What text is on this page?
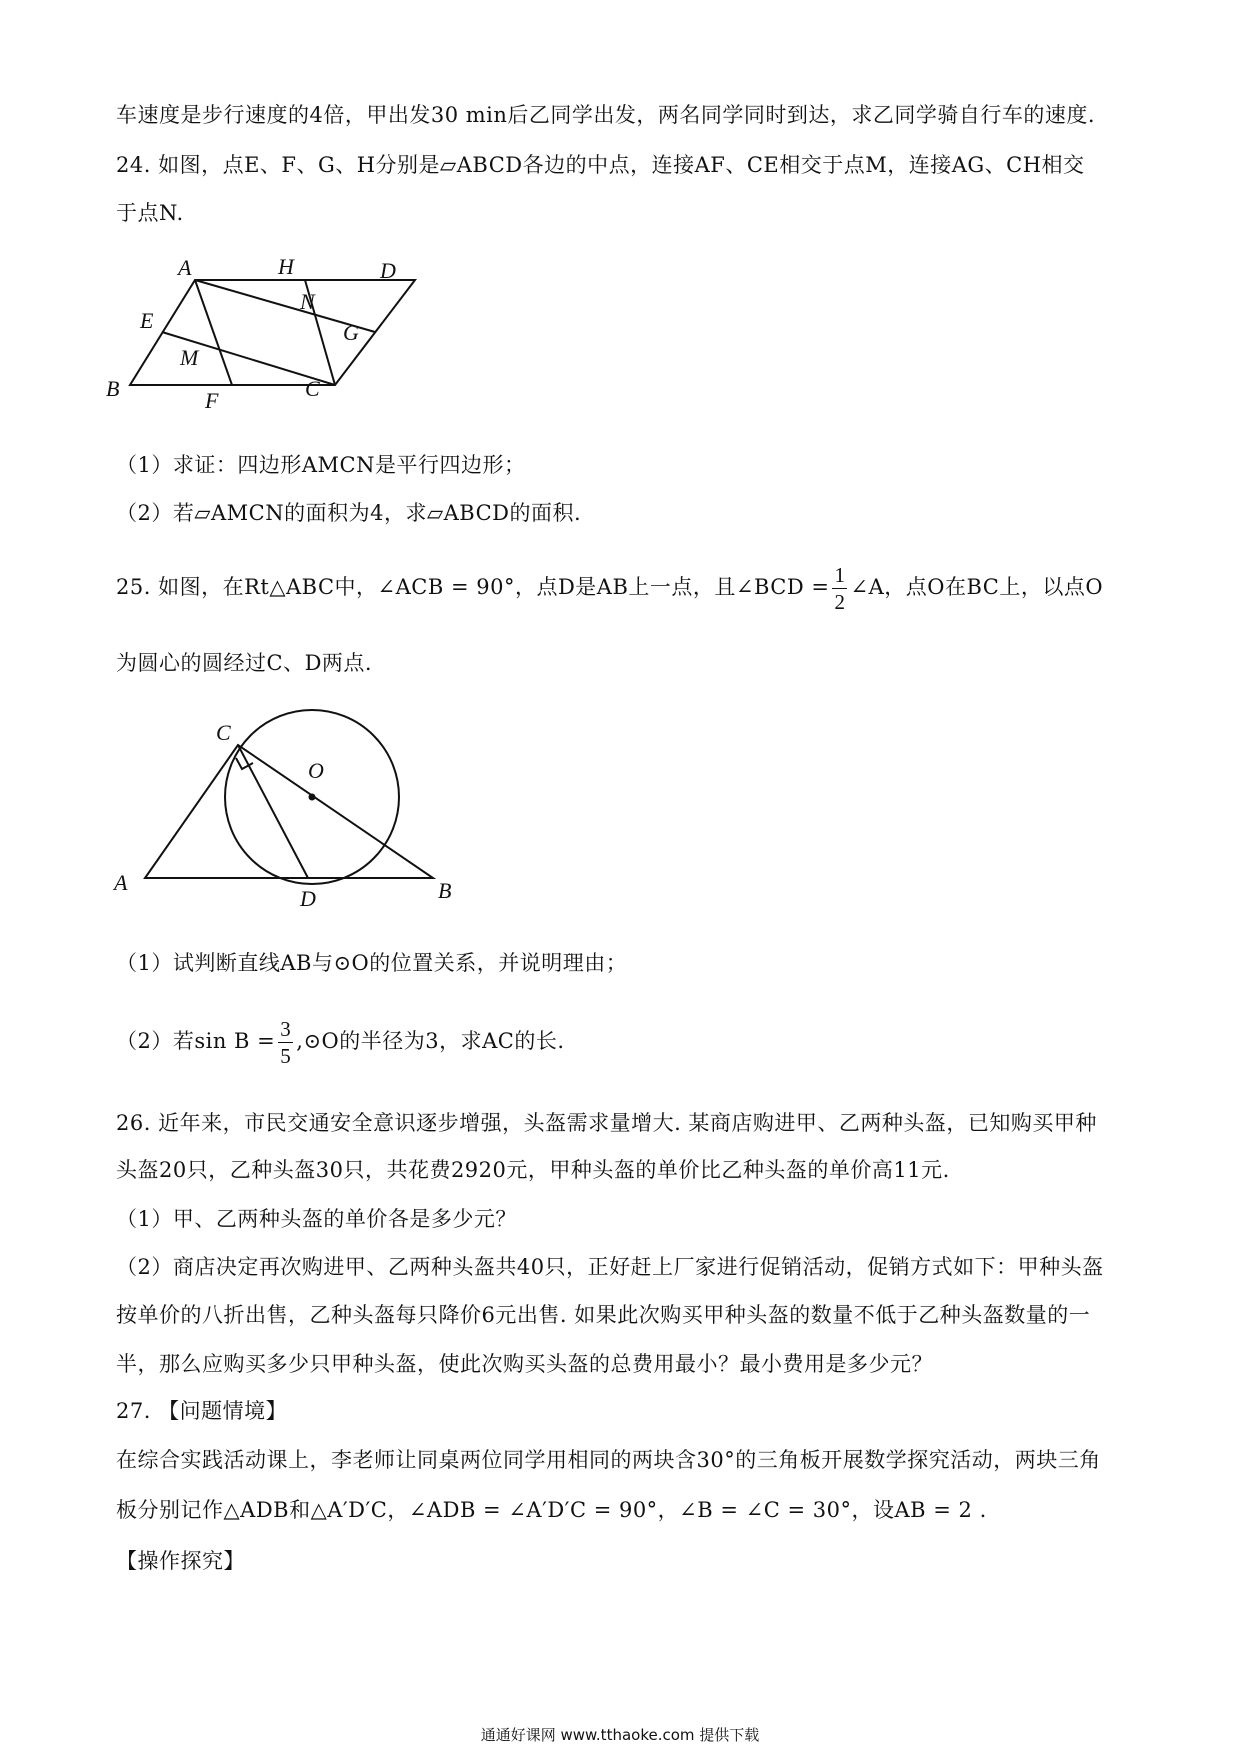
车速度是步行速度的4倍，甲出发30 min后乙同学出发，两名同学同时到达，求乙同学骑自行车的速度.
24. 如图，点E、F、G、H分别是▱ABCD各边的中点，连接AF、CE相交于点M，连接AG、CH相交
于点N.
A	H	D
N
E	G
M
B	F	C
（1）求证：四边形AMCN是平行四边形；
（2）若▱AMCN的面积为4，求▱ABCD的面积.
25. 如图，在Rt△ABC中，∠ACB = 90°，点D是AB上一点，且∠BCD = $\frac{1}{2}$ ∠A，点O在BC上，以点O
为圆心的圆经过C、D两点.
C
O
A
D	B
（1）试判断直线AB与⊙O的位置关系，并说明理由；
（2）若$\sin B = \frac{3}{5}$ ,⊙O的半径为3，求AC的长.
26. 近年来，市民交通安全意识逐步增强，头盔需求量增大. 某商店购进甲、乙两种头盔，已知购买甲种
头盔20只，乙种头盔30只，共花费2920元，甲种头盔的单价比乙种头盔的单价高11元.
（1）甲、乙两种头盔的单价各是多少元？
（2）商店决定再次购进甲、乙两种头盔共40只，正好赶上厂家进行促销活动，促销方式如下：甲种头盔
按单价的八折出售，乙种头盔每只降价6元出售. 如果此次购买甲种头盔的数量不低于乙种头盔数量的一
半，那么应购买多少只甲种头盔，使此次购买头盔的总费用最小？最小费用是多少元？
27. 【问题情境】
在综合实践活动课上，李老师让同桌两位同学用相同的两块含30°的三角板开展数学探究活动，两块三角
板分别记作△ADB和△A′D′C，∠ADB = ∠A′D′C = 90°，∠B = ∠C = 30°，设AB = 2 .
【操作探究】
通通好课网 www.tthaoke.com 提供下载
